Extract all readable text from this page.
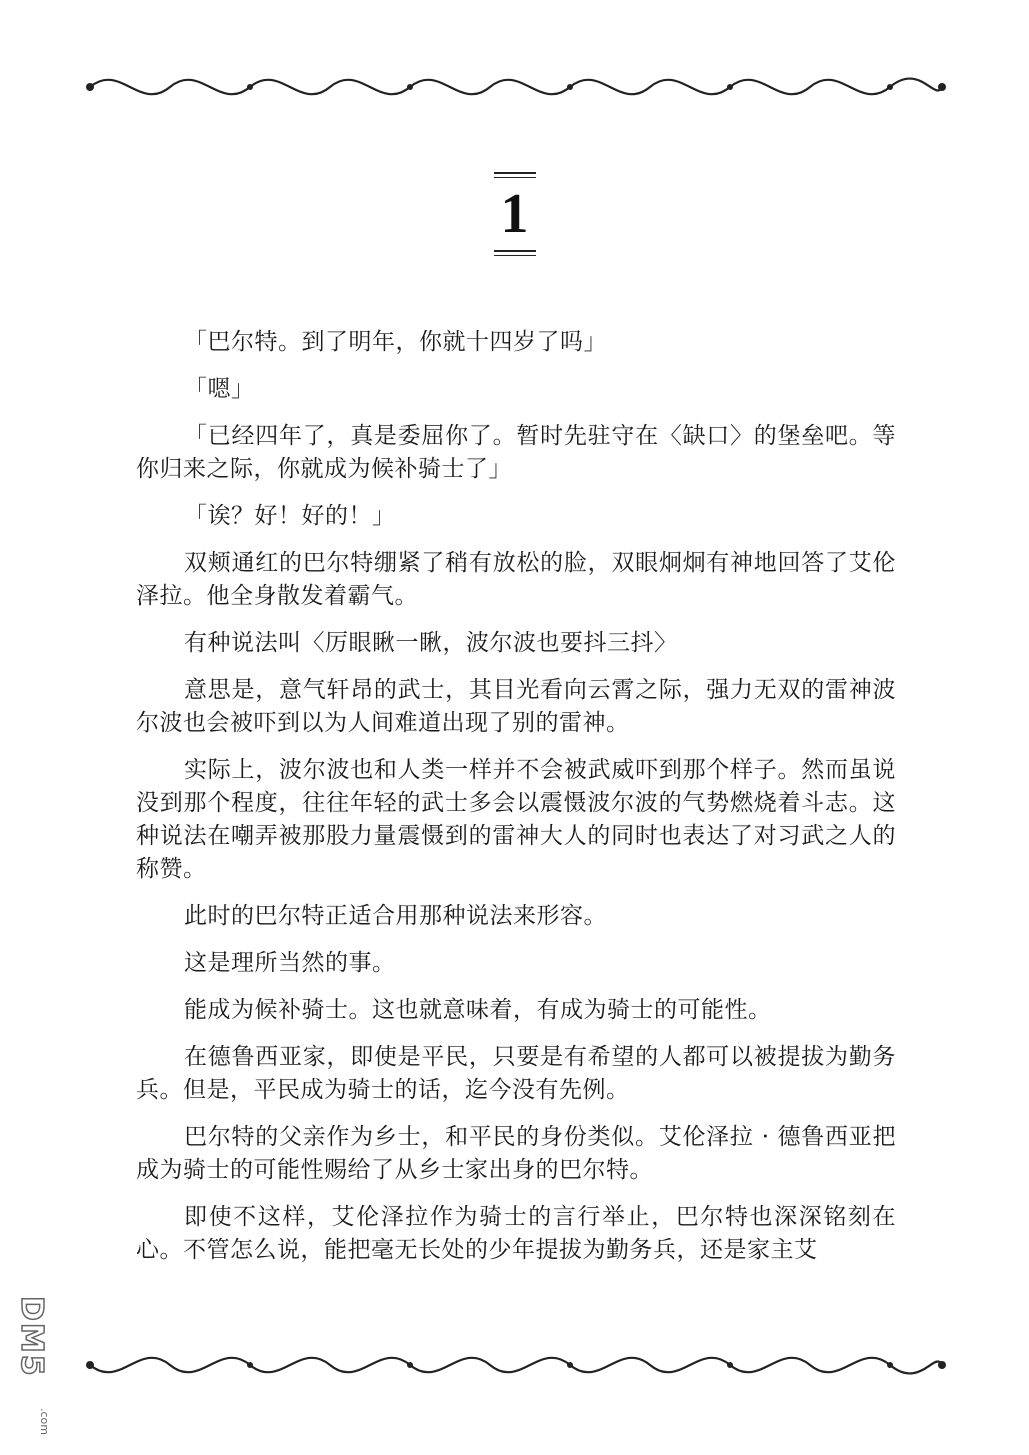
1

「巴尔特。到了明年，你就十四岁了吗」

「嗯」

「已经四年了，真是委屈你了。暂时先驻守在〈缺口〉的堡垒吧。等你归来之际，你就成为候补骑士了」

「诶？好！好的！」

双颊通红的巴尔特绷紧了稍有放松的脸，双眼炯炯有神地回答了艾伦泽拉。他全身散发着霸气。

有种说法叫〈厉眼瞅一瞅，波尔波也要抖三抖〉

意思是，意气轩昂的武士，其目光看向云霄之际，强力无双的雷神波尔波也会被吓到以为人间难道出现了别的雷神。

实际上，波尔波也和人类一样并不会被武威吓到那个样子。然而虽说没到那个程度，往往年轻的武士多会以震慑波尔波的气势燃烧着斗志。这种说法在嘲弄被那股力量震慑到的雷神大人的同时也表达了对习武之人的称赞。

此时的巴尔特正适合用那种说法来形容。

这是理所当然的事。

能成为候补骑士。这也就意味着，有成为骑士的可能性。

在德鲁西亚家，即使是平民，只要是有希望的人都可以被提拔为勤务兵。但是，平民成为骑士的话，迄今没有先例。

巴尔特的父亲作为乡士，和平民的身份类似。艾伦泽拉 · 德鲁西亚把成为骑士的可能性赐给了从乡士家出身的巴尔特。

即使不这样，艾伦泽拉作为骑士的言行举止，巴尔特也深深铭刻在心。不管怎么说，能把毫无长处的少年提拔为勤务兵，还是家主艾

DM5
.com
